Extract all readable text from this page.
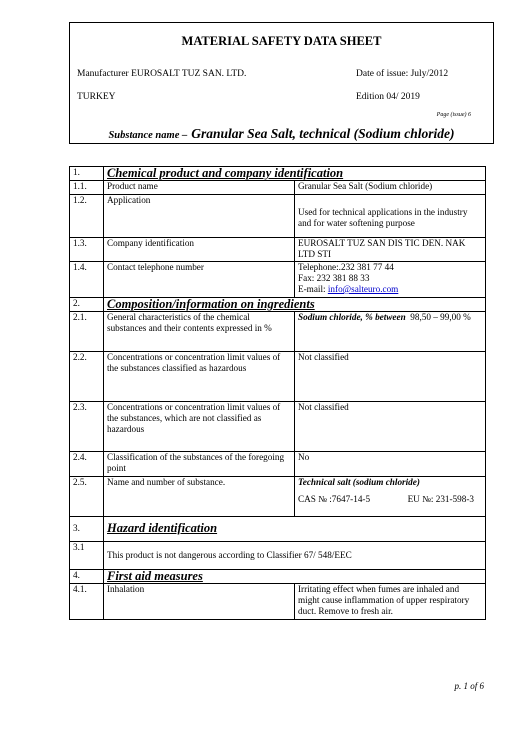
MATERIAL SAFETY DATA SHEET
Manufacturer EUROSALT TUZ SAN. LTD.
TURKEY
Date of issue: July/2012
Edition 04/ 2019
Page (issue) 6
Substance name – Granular Sea Salt, technical (Sodium chloride)
1.	Chemical product and company identification	
1.1.	Product name	Granular Sea Salt (Sodium chloride)
1.2.	Application	Used for technical applications in the industry and for water softening purpose
1.3.	Company identification	EUROSALT TUZ SAN DIS TIC DEN. NAK LTD STI
1.4.	Contact telephone number	Telephone:.232 381 77 44
Fax: 232 381 88 33
E-mail: info@salteuro.com

2.	Composition/information on ingredients	
2.1.	General characteristics of the chemical substances and their contents expressed in %	Sodium chloride, % between 98,50 – 99,00 %
2.2.	Concentrations or concentration limit values of the substances classified as hazardous	Not classified
2.3.	Concentrations or concentration limit values of the substances, which are not classified as hazardous	Not classified
2.4.	Classification of the substances of the foregoing point	No
2.5.	Name and number of substance.	Technical salt (sodium chloride)
CAS № :7647-14-5 EU №: 231-598-3

3.	Hazard identification	
3.1	This product is not dangerous according to Classifier 67/ 548/EEC	
4.	First aid measures	
4.1.	Inhalation	Irritating effect when fumes are inhaled and might cause inflammation of upper respiratory duct. Remove to fresh air.
p. 1 of 6
